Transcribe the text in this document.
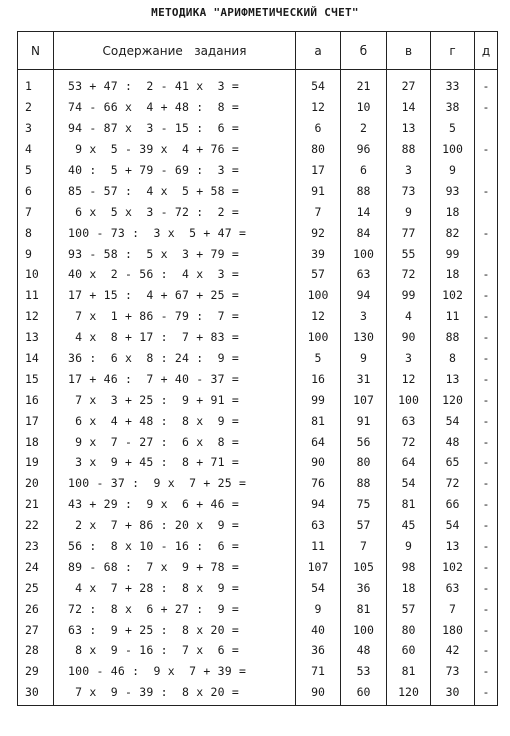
МЕТОДИКА "АРИФМЕТИЧЕСКИЙ СЧЕТ"
N	Содержание   задания	а	б	в	г	д
1	53 + 47 :  2 - 41 x  3 =	54	21	27	33	-
2	74 - 66 x  4 + 48 :  8 =	12	10	14	38	-
3	94 - 87 x  3 - 15 :  6 =	6	2	13	5	
4	9 x  5 - 39 x  4 + 76 =	80	96	88	100	-
5	40 :  5 + 79 - 69 :  3 =	17	6	3	9	
6	85 - 57 :  4 x  5 + 58 =	91	88	73	93	-
7	6 x  5 x  3 - 72 :  2 =	7	14	9	18	
8	100 - 73 :  3 x  5 + 47 =	92	84	77	82	-
9	93 - 58 :  5 x  3 + 79 =	39	100	55	99	
10	40 x  2 - 56 :  4 x  3 =	57	63	72	18	-
11	17 + 15 :  4 + 67 + 25 =	100	94	99	102	-
12	7 x  1 + 86 - 79 :  7 =	12	3	4	11	-
13	4 x  8 + 17 :  7 + 83 =	100	130	90	88	-
14	36 :  6 x  8 : 24 :  9 =	5	9	3	8	-
15	17 + 46 :  7 + 40 - 37 =	16	31	12	13	-
16	7 x  3 + 25 :  9 + 91 =	99	107	100	120	-
17	6 x  4 + 48 :  8 x  9 =	81	91	63	54	-
18	9 x  7 - 27 :  6 x  8 =	64	56	72	48	-
19	3 x  9 + 45 :  8 + 71 =	90	80	64	65	-
20	100 - 37 :  9 x  7 + 25 =	76	88	54	72	-
21	43 + 29 :  9 x  6 + 46 =	94	75	81	66	-
22	2 x  7 + 86 : 20 x  9 =	63	57	45	54	-
23	56 :  8 x 10 - 16 :  6 =	11	7	9	13	-
24	89 - 68 :  7 x  9 + 78 =	107	105	98	102	-
25	4 x  7 + 28 :  8 x  9 =	54	36	18	63	-
26	72 :  8 x  6 + 27 :  9 =	9	81	57	7	-
27	63 :  9 + 25 :  8 x 20 =	40	100	80	180	-
28	8 x  9 - 16 :  7 x  6 =	36	48	60	42	-
29	100 - 46 :  9 x  7 + 39 =	71	53	81	73	-
30	7 x  9 - 39 :  8 x 20 =	90	60	120	30	-
